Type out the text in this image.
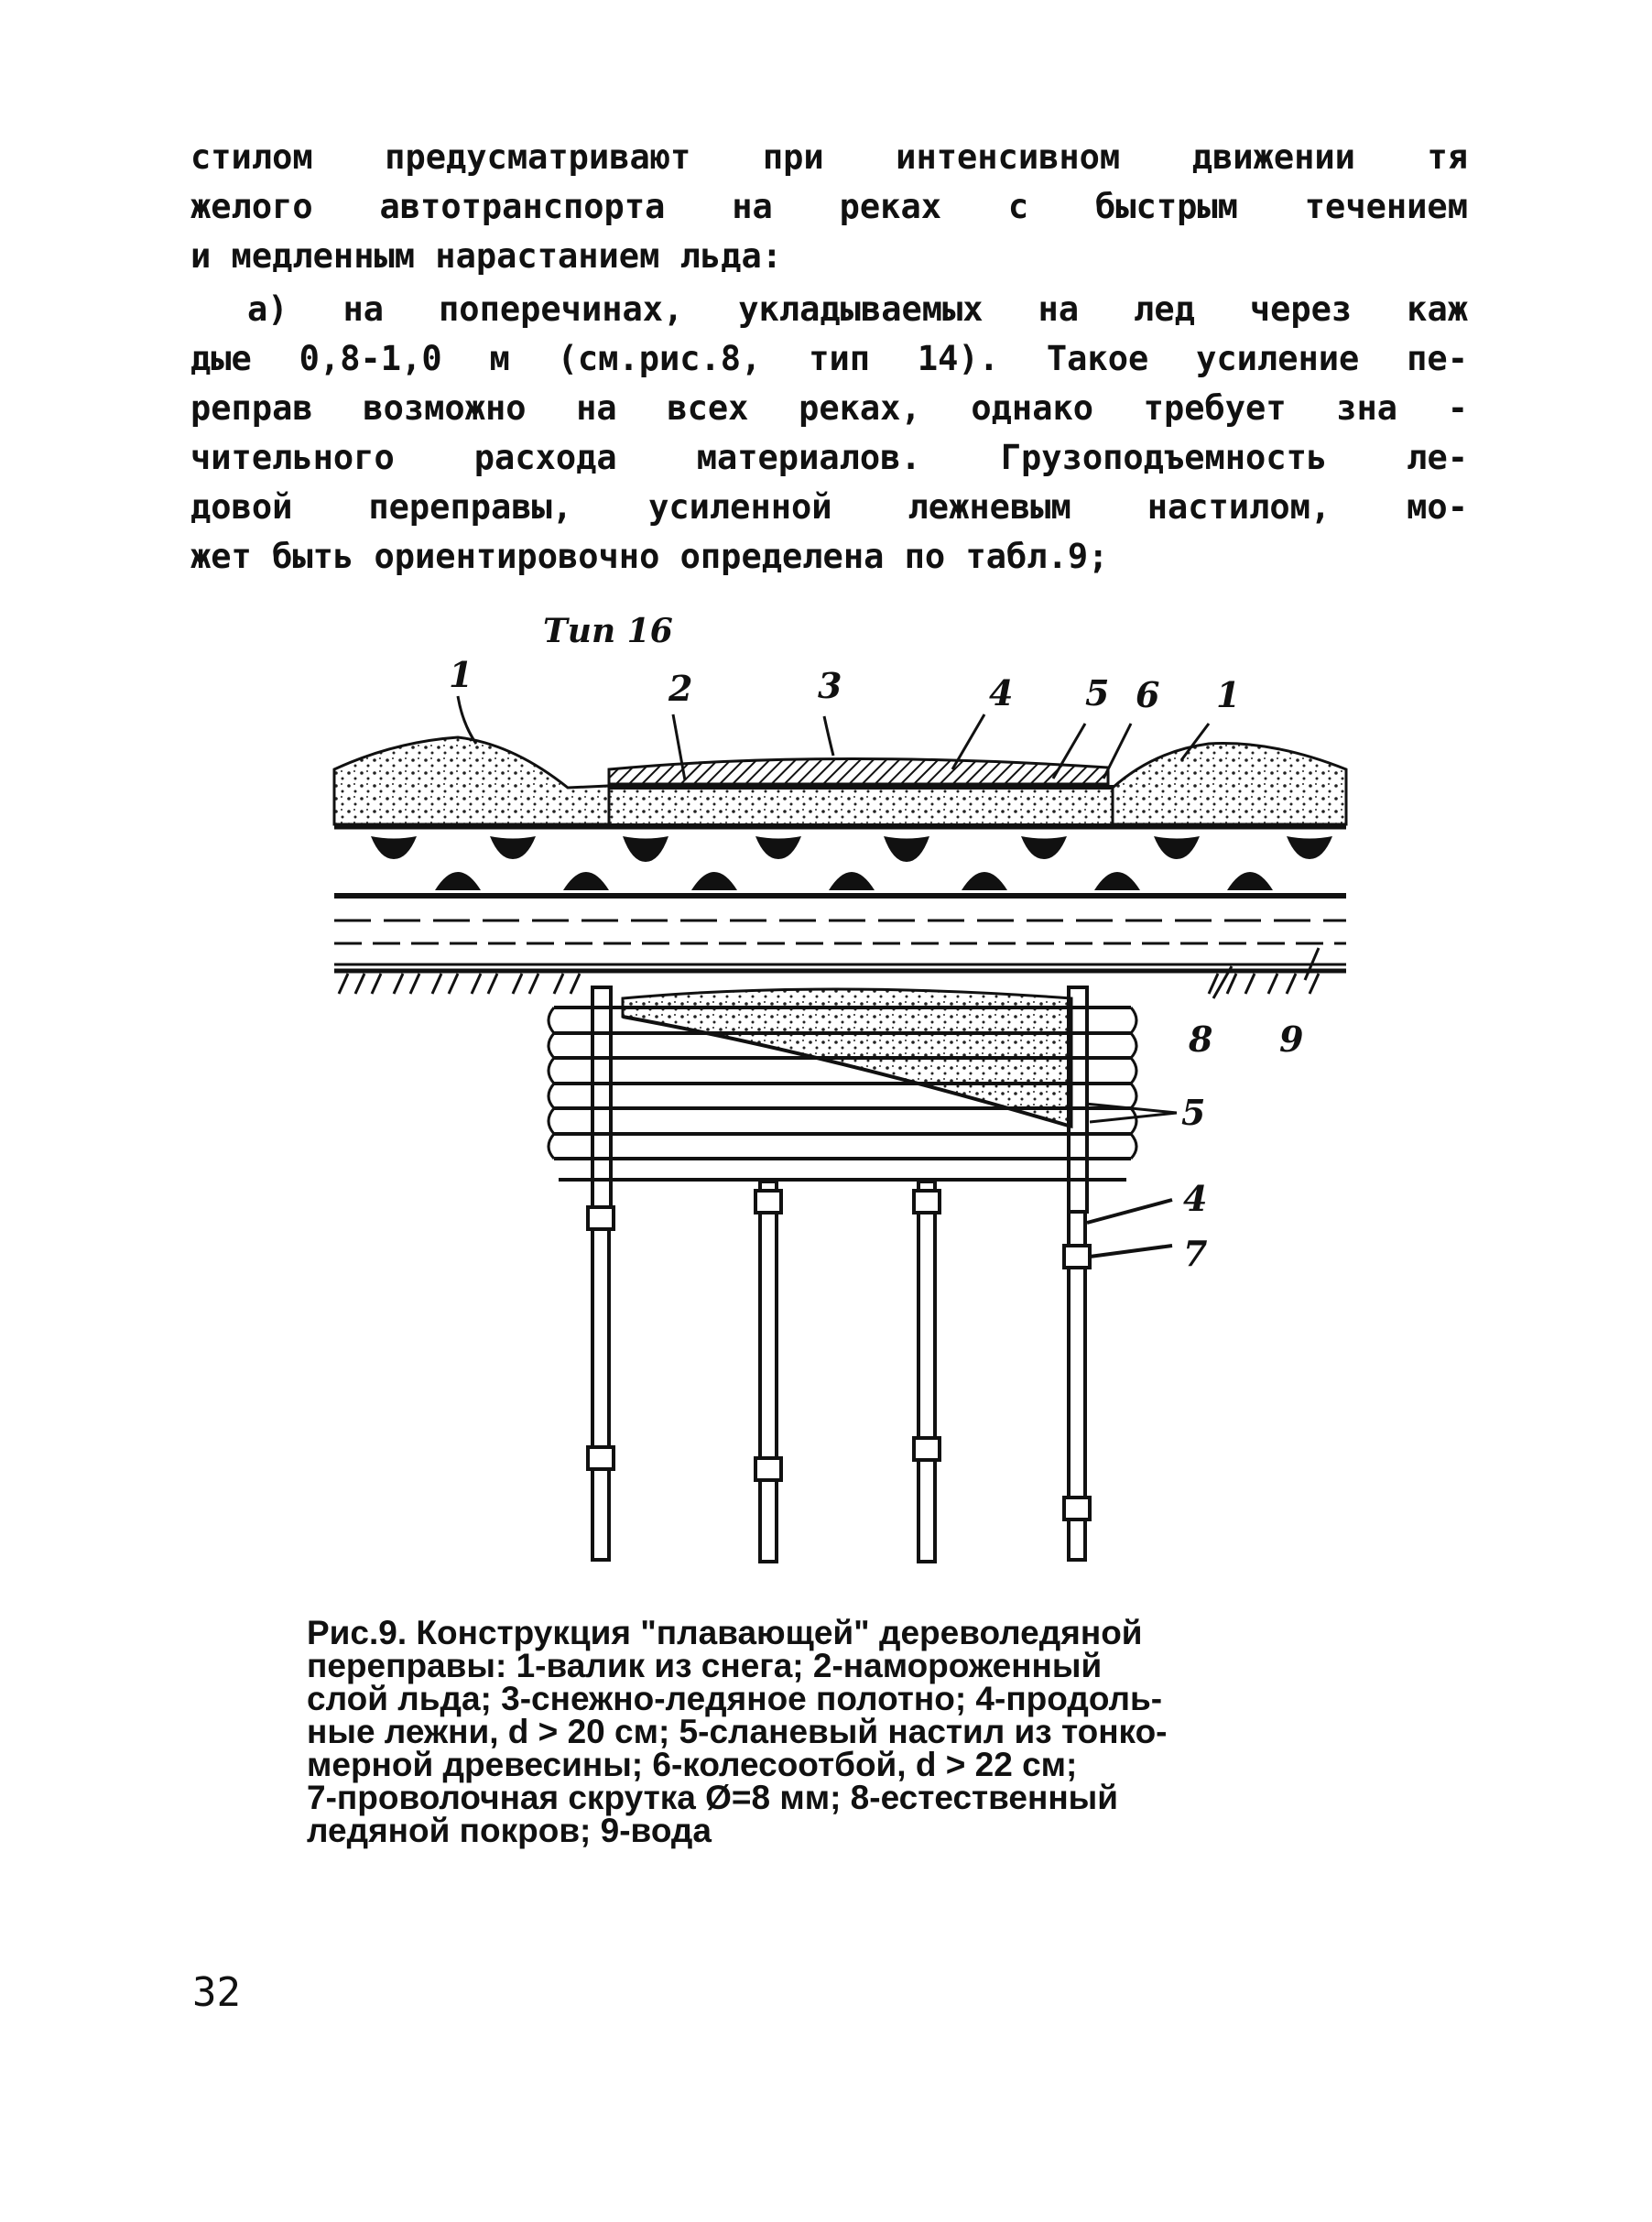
стилом предусматривают при интенсивном движении тя
желого автотранспорта на реках с быстрым течением
и медленным нарастанием льда:
а) на поперечинах, укладываемых на лед через каж
дые 0,8-1,0 м (см.рис.8, тип 14). Такое усиление пе-
реправ возможно на всех реках, однако требует зна -
чительного расхода материалов. Грузоподъемность ле-
довой переправы, усиленной лежневым настилом, мо-
жет быть ориентировочно определена по табл.9;
Тип 16
1	2	3	4 5 6 1
8 9
5
4
7
Рис.9. Конструкция "плавающей" дереволедяной
переправы: 1-валик из снега; 2-намороженный
слой льда; 3-снежно-ледяное полотно; 4-продоль-
ные лежни, d > 20 см; 5-сланевый настил из тонко-
мерной древесины; 6-колесоотбой, d > 22 см;
7-проволочная скрутка Ø=8 мм; 8-естественный
ледяной покров; 9-вода
32
